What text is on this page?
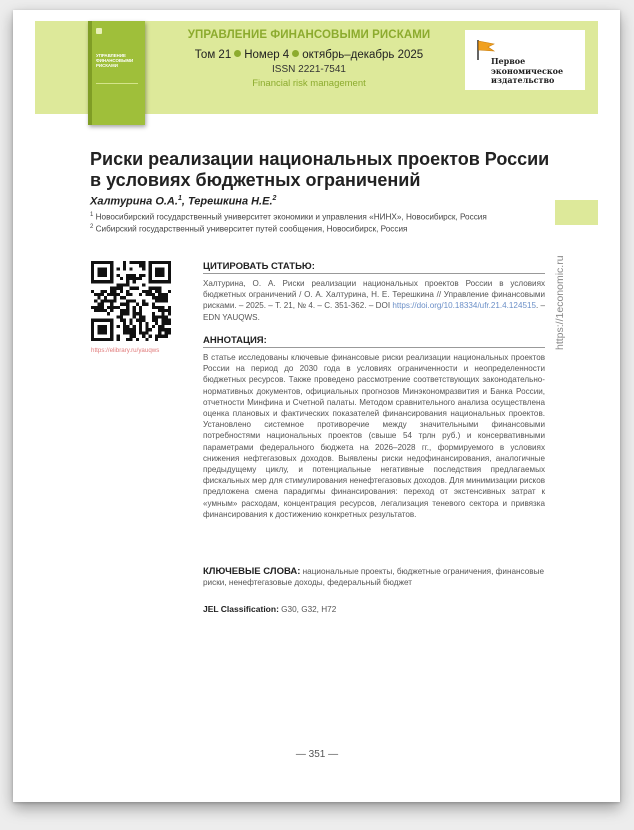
УПРАВЛЕНИЕ ФИНАНСОВЫМИ РИСКАМИ
УПРАВЛЕНИЕ ФИНАНСОВЫМИ РИСКАМИ
Том 21 Номер 4 октябрь–декабрь 2025
ISSN 2221-7541
Financial risk management
Первое
экономическое
издательство
https://1economic.ru
Риски реализации национальных проектов России в условиях бюджетных ограничений
Халтурина О.А.$^1$, Терешкина Н.Е.$^2$
$^1$ Новосибирский государственный университет экономики и управления «НИНХ», Новосибирск, Россия
$^2$ Сибирский государственный университет путей сообщения, Новосибирск, Россия
https://elibrary.ru/yauqws
ЦИТИРОВАТЬ СТАТЬЮ:
Халтурина, О. А. Риски реализации национальных проектов России в условиях бюджетных ограничений / О. А. Халтурина, Н. Е. Терешкина // Управление финансовыми рисками. – 2025. – Т. 21, № 4. – С. 351-362. – DOI https://doi.org/10.18334/ufr.21.4.124515. – EDN YAUQWS.
АННОТАЦИЯ:
В статье исследованы ключевые финансовые риски реализации национальных проектов России на период до 2030 года в условиях ограниченности и неопределенности бюджетных ресурсов. Также проведено рассмотрение соответствующих законодательно-нормативных документов, официальных прогнозов Минэкономразвития и Банка России, отчетности Минфина и Счетной палаты. Методом сравнительного анализа осуществлена оценка плановых и фактических показателей финансирования национальных проектов. Установлено системное противоречие между значительными финансовыми потребностями национальных проектов (свыше 54 трлн руб.) и консервативными параметрами федерального бюджета на 2026–2028 гг., формируемого в условиях снижения нефтегазовых доходов. Выявлены риски недофинансирования, аналогичные предыдущему циклу, и потенциальные негативные последствия предлагаемых фискальных мер для стимулирования ненефтегазовых доходов. Для минимизации рисков предложена смена парадигмы финансирования: переход от экстенсивных затрат к «умным» расходам, концентрация ресурсов, легализация теневого сектора и привязка финансирования к достижению конкретных результатов.
КЛЮЧЕВЫЕ СЛОВА: национальные проекты, бюджетные ограничения, финансовые риски, ненефтегазовые доходы, федеральный бюджет
JEL Classification: G30, G32, H72
— 351 —
